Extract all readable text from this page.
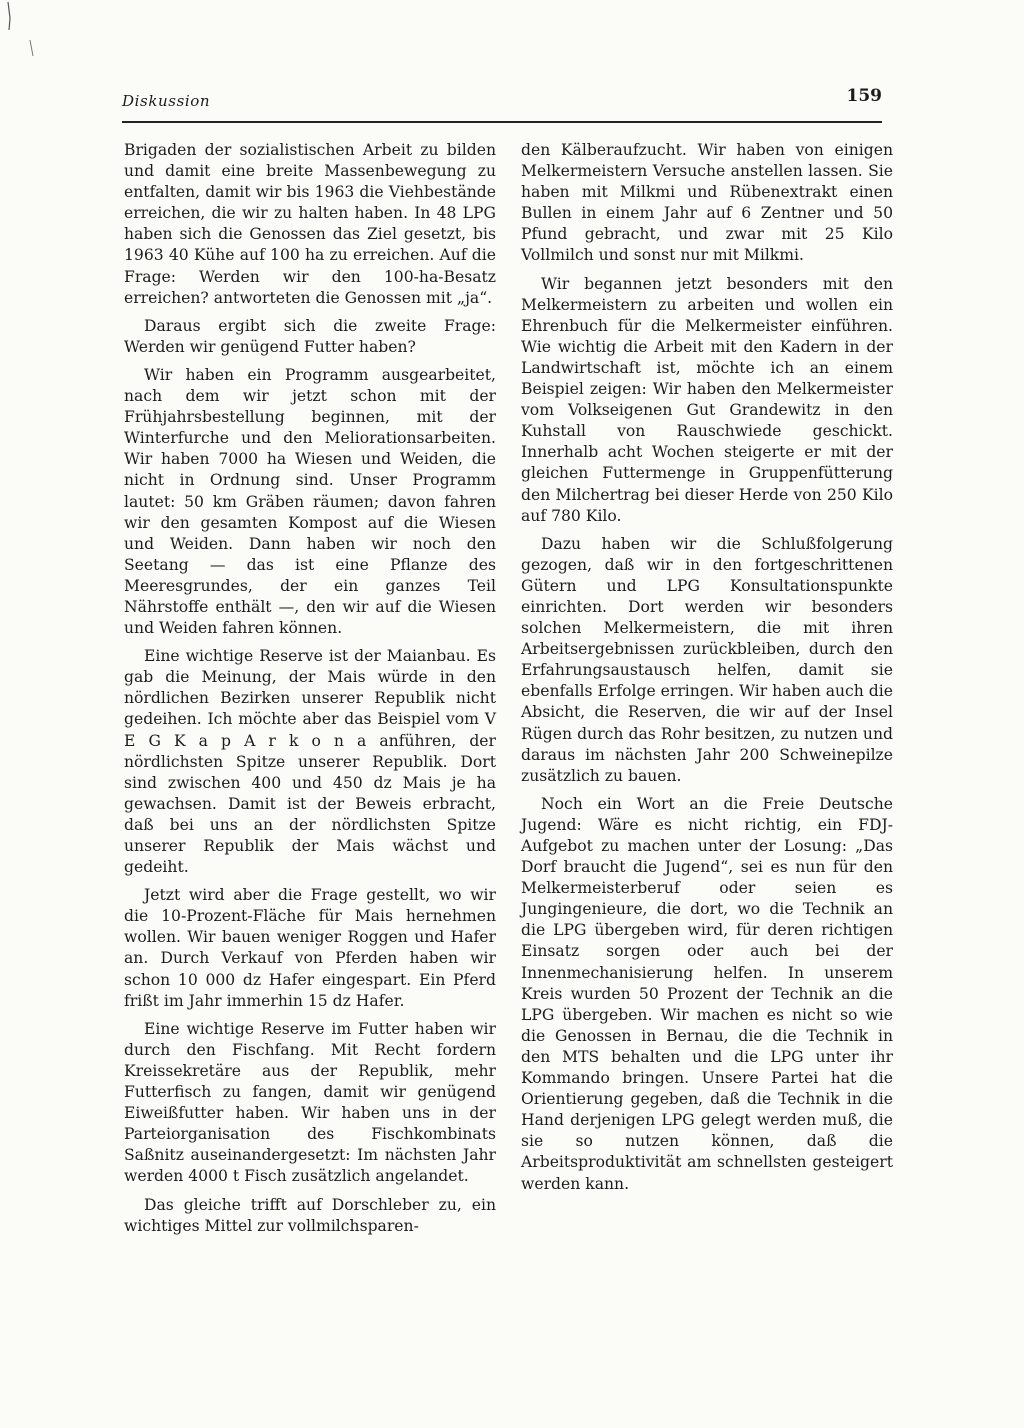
Diskussion	159

Brigaden der sozialistischen Arbeit zu bilden und damit eine breite Massenbewegung zu entfalten, damit wir bis 1963 die Viehbestände erreichen, die wir zu halten haben. In 48 LPG haben sich die Genossen das Ziel gesetzt, bis 1963 40 Kühe auf 100 ha zu erreichen. Auf die Frage: Werden wir den 100-ha-Besatz erreichen? antworteten die Genossen mit „ja“.

Daraus ergibt sich die zweite Frage: Werden wir genügend Futter haben?

Wir haben ein Programm ausgearbeitet, nach dem wir jetzt schon mit der Frühjahrsbestellung beginnen, mit der Winterfurche und den Meliorationsarbeiten. Wir haben 7000 ha Wiesen und Weiden, die nicht in Ordnung sind. Unser Programm lautet: 50 km Gräben räumen; davon fahren wir den gesamten Kompost auf die Wiesen und Weiden. Dann haben wir noch den Seetang — das ist eine Pflanze des Meeresgrundes, der ein ganzes Teil Nährstoffe enthält —, den wir auf die Wiesen und Weiden fahren können.

Eine wichtige Reserve ist der Maianbau. Es gab die Meinung, der Mais würde in den nördlichen Bezirken unserer Republik nicht gedeihen. Ich möchte aber das Beispiel vom V E G K a p A r k o n a anführen, der nördlichsten Spitze unserer Republik. Dort sind zwischen 400 und 450 dz Mais je ha gewachsen. Damit ist der Beweis erbracht, daß bei uns an der nördlichsten Spitze unserer Republik der Mais wächst und gedeiht.

Jetzt wird aber die Frage gestellt, wo wir die 10-Prozent-Fläche für Mais hernehmen wollen. Wir bauen weniger Roggen und Hafer an. Durch Verkauf von Pferden haben wir schon 10 000 dz Hafer eingespart. Ein Pferd frißt im Jahr immerhin 15 dz Hafer.

Eine wichtige Reserve im Futter haben wir durch den Fischfang. Mit Recht fordern Kreissekretäre aus der Republik, mehr Futterfisch zu fangen, damit wir genügend Eiweißfutter haben. Wir haben uns in der Parteiorganisation des Fischkombinats Saßnitz auseinandergesetzt: Im nächsten Jahr werden 4000 t Fisch zusätzlich angelandet.

Das gleiche trifft auf Dorschleber zu, ein wichtiges Mittel zur vollmilchsparen-

den Kälberaufzucht. Wir haben von einigen Melkermeistern Versuche anstellen lassen. Sie haben mit Milkmi und Rübenextrakt einen Bullen in einem Jahr auf 6 Zentner und 50 Pfund gebracht, und zwar mit 25 Kilo Vollmilch und sonst nur mit Milkmi.

Wir begannen jetzt besonders mit den Melkermeistern zu arbeiten und wollen ein Ehrenbuch für die Melkermeister einführen. Wie wichtig die Arbeit mit den Kadern in der Landwirtschaft ist, möchte ich an einem Beispiel zeigen: Wir haben den Melkermeister vom Volkseigenen Gut Grandewitz in den Kuhstall von Rauschwiede geschickt. Innerhalb acht Wochen steigerte er mit der gleichen Futtermenge in Gruppenfütterung den Milchertrag bei dieser Herde von 250 Kilo auf 780 Kilo.

Dazu haben wir die Schlußfolgerung gezogen, daß wir in den fortgeschrittenen Gütern und LPG Konsultationspunkte einrichten. Dort werden wir besonders solchen Melkermeistern, die mit ihren Arbeitsergebnissen zurückbleiben, durch den Erfahrungsaustausch helfen, damit sie ebenfalls Erfolge erringen. Wir haben auch die Absicht, die Reserven, die wir auf der Insel Rügen durch das Rohr besitzen, zu nutzen und daraus im nächsten Jahr 200 Schweinepilze zusätzlich zu bauen.

Noch ein Wort an die Freie Deutsche Jugend: Wäre es nicht richtig, ein FDJ-Aufgebot zu machen unter der Losung: „Das Dorf braucht die Jugend“, sei es nun für den Melkermeisterberuf oder seien es Jungingenieure, die dort, wo die Technik an die LPG übergeben wird, für deren richtigen Einsatz sorgen oder auch bei der Innenmechanisierung helfen. In unserem Kreis wurden 50 Prozent der Technik an die LPG übergeben. Wir machen es nicht so wie die Genossen in Bernau, die die Technik in den MTS behalten und die LPG unter ihr Kommando bringen. Unsere Partei hat die Orientierung gegeben, daß die Technik in die Hand derjenigen LPG gelegt werden muß, die sie so nutzen können, daß die Arbeitsproduktivität am schnellsten gesteigert werden kann.
